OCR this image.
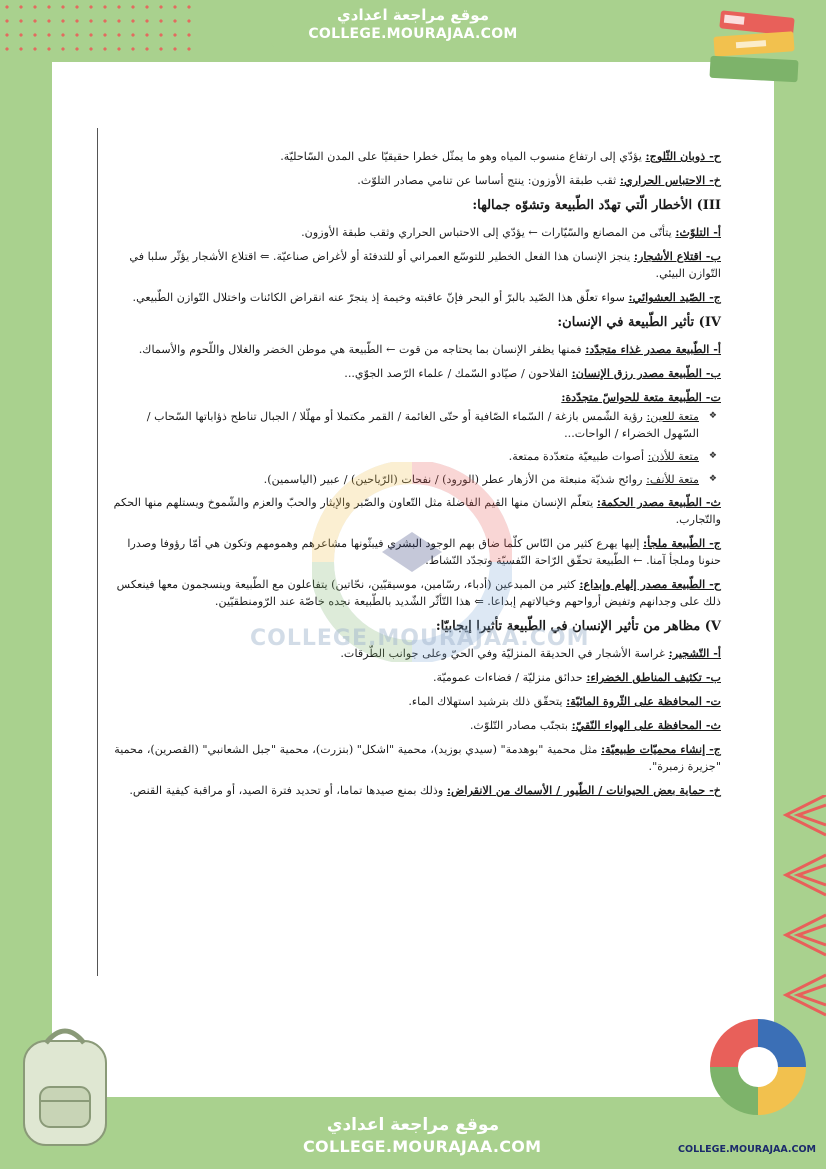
موقع مراجعة اعدادي
COLLEGE.MOURAJAA.COM

ح- ذوبان الثّلوج: يؤدّي إلى ارتفاع منسوب المياه وهو ما يمثّل خطرا حقيقيّا على المدن السّاحليّة.

خ- الاحتباس الحراري: ثقب طبقة الأوزون: ينتج أساسا عن تنامي مصادر التلوّث.

III) الأخطار الّتي تهدّد الطّبيعة وتشوّه جمالها:

أ- التلوّث: يتأتّى من المصانع والسّيّارات ← يؤدّي إلى الاحتباس الحراري وثقب طبقة الأوزون.

ب- اقتلاع الأشجار: ينجز الإنسان هذا الفعل الخطير للتوسّع العمراني أو للتدفئة أو لأغراض صناعيّة. ⇐ اقتلاع الأشجار يؤثّر سلبا في التّوازن البيئي.

ج- الصّيد العشوائي: سواء تعلّق هذا الصّيد بالبرّ أو البحر فإنّ عاقبته وخيمة إذ ينجرّ عنه انقراض الكائنات واختلال التّوازن الطّبيعي.

IV) تأثير الطّبيعة في الإنسان:

أ- الطّبيعة مصدر غذاء متجدّد: فمنها يظفر الإنسان بما يحتاجه من قوت ← الطّبيعة هي موطن الخضر والغلال واللّحوم والأسماك.

ب- الطّبيعة مصدر رزق الإنسان: الفلاحون / صيّادو السّمك / علماء الرّصد الجوّي...

ت- الطّبيعة متعة للحواسّ متجدّدة:

❖ متعة للعين: رؤية الشّمس بازغة / السّماء الصّافية أو حتّى الغائمة / القمر مكتملا أو مهلّلا / الجبال تناطح ذؤاباتها السّحاب / السّهول الخضراء / الواحات...
❖ متعة للأذن: أصوات طبيعيّة متعدّدة ممتعة.
❖ متعة للأنف: روائح شذيّة منبعثة من الأزهار عطر (الورود) / نفحات (الرّياحين) / عبير (الياسمين).

ث- الطّبيعة مصدر الحكمة: يتعلّم الإنسان منها القيم الفاضلة مثل التّعاون والصّبر والإيثار والحبّ والعزم والشّموخ ويستلهم منها الحكم والتّجارب.

ج- الطّبيعة ملجأ: إليها يهرع كثير من النّاس كلّما ضاق بهم الوجود البشري فيبثّونها مشاعرهم وهمومهم وتكون هي أمّا رؤوفا وصدرا حنونا وملجأ آمنا. ← الطّبيعة تحقّق الرّاحة النّفسيّة وتجدّد النّشاط.

ح- الطّبيعة مصدر إلهام وإبداع: كثير من المبدعين (أدباء، رسّامين، موسيقيّين، نحّاتين) يتفاعلون مع الطّبيعة وينسجمون معها فينعكس ذلك على وجدانهم وتفيض أرواحهم وخيالاتهم إبداعا. ⇐ هذا التّأثّر الشّديد بالطّبيعة نجده خاصّة عند الرّومنطقيّين.

V) مظاهر من تأثير الإنسان في الطّبيعة تأثيرا إيجابيّا:

أ- التّشجير: غراسة الأشجار في الحديقة المنزليّة وفي الحيّ وعلى جوانب الطّرقات.

ب- تكثيف المناطق الخضراء: حدائق منزليّة / فضاءات عموميّة.

ت- المحافظة على الثّروة المائيّة: يتحقّق ذلك بترشيد استهلاك الماء.

ث- المحافظة على الهواء النّقيّ: بتجنّب مصادر التّلوّث.

ج- إنشاء محميّات طبيعيّة: مثل محمية "بوهدمة" (سيدي بوزيد)، محمية "اشكل" (بنزرت)، محمية "جبل الشعانبي" (القصرين)، محمية "جزيرة زمبرة".

خ- حماية بعض الحيوانات / الطّيور / الأسماك من الانقراض: وذلك بمنع صيدها تماما، أو تحديد فترة الصيد، أو مراقبة كيفية القنص.

COLLEGE.MOURAJAA.COM
COLLEGE.MOURAJAA.COM
موقع مراجعة اعدادي
COLLEGE.MOURAJAA.COM
